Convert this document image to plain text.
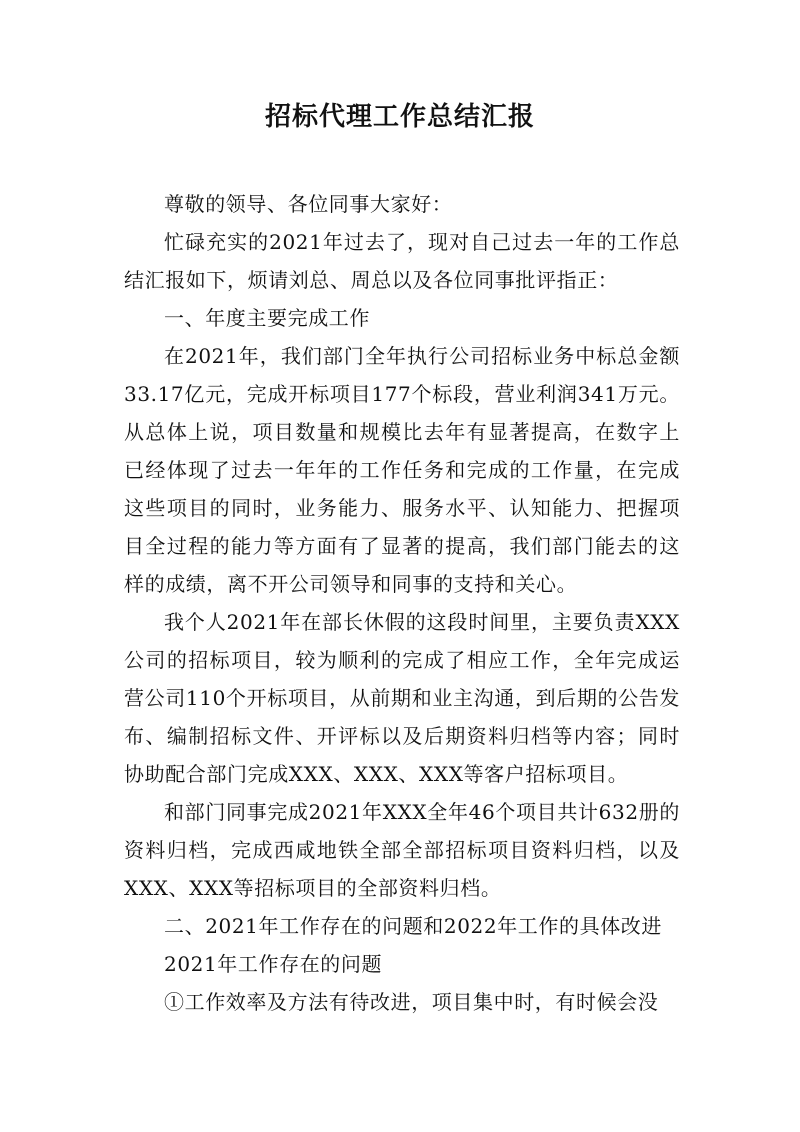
招标代理工作总结汇报

尊敬的领导、各位同事大家好：

忙碌充实的2021年过去了，现对自己过去一年的工作总结汇报如下，烦请刘总、周总以及各位同事批评指正：

一、年度主要完成工作

在2021年，我们部门全年执行公司招标业务中标总金额33.17亿元，完成开标项目177个标段，营业利润341万元。从总体上说，项目数量和规模比去年有显著提高，在数字上已经体现了过去一年年的工作任务和完成的工作量，在完成这些项目的同时，业务能力、服务水平、认知能力、把握项目全过程的能力等方面有了显著的提高，我们部门能去的这样的成绩，离不开公司领导和同事的支持和关心。

我个人2021年在部长休假的这段时间里，主要负责XXX公司的招标项目，较为顺利的完成了相应工作，全年完成运营公司110个开标项目，从前期和业主沟通，到后期的公告发布、编制招标文件、开评标以及后期资料归档等内容；同时协助配合部门完成XXX、XXX、XXX等客户招标项目。

和部门同事完成2021年XXX全年46个项目共计632册的资料归档，完成西咸地铁全部全部招标项目资料归档，以及XXX、XXX等招标项目的全部资料归档。

二、2021年工作存在的问题和2022年工作的具体改进

2021年工作存在的问题

①工作效率及方法有待改进，项目集中时，有时候会没
